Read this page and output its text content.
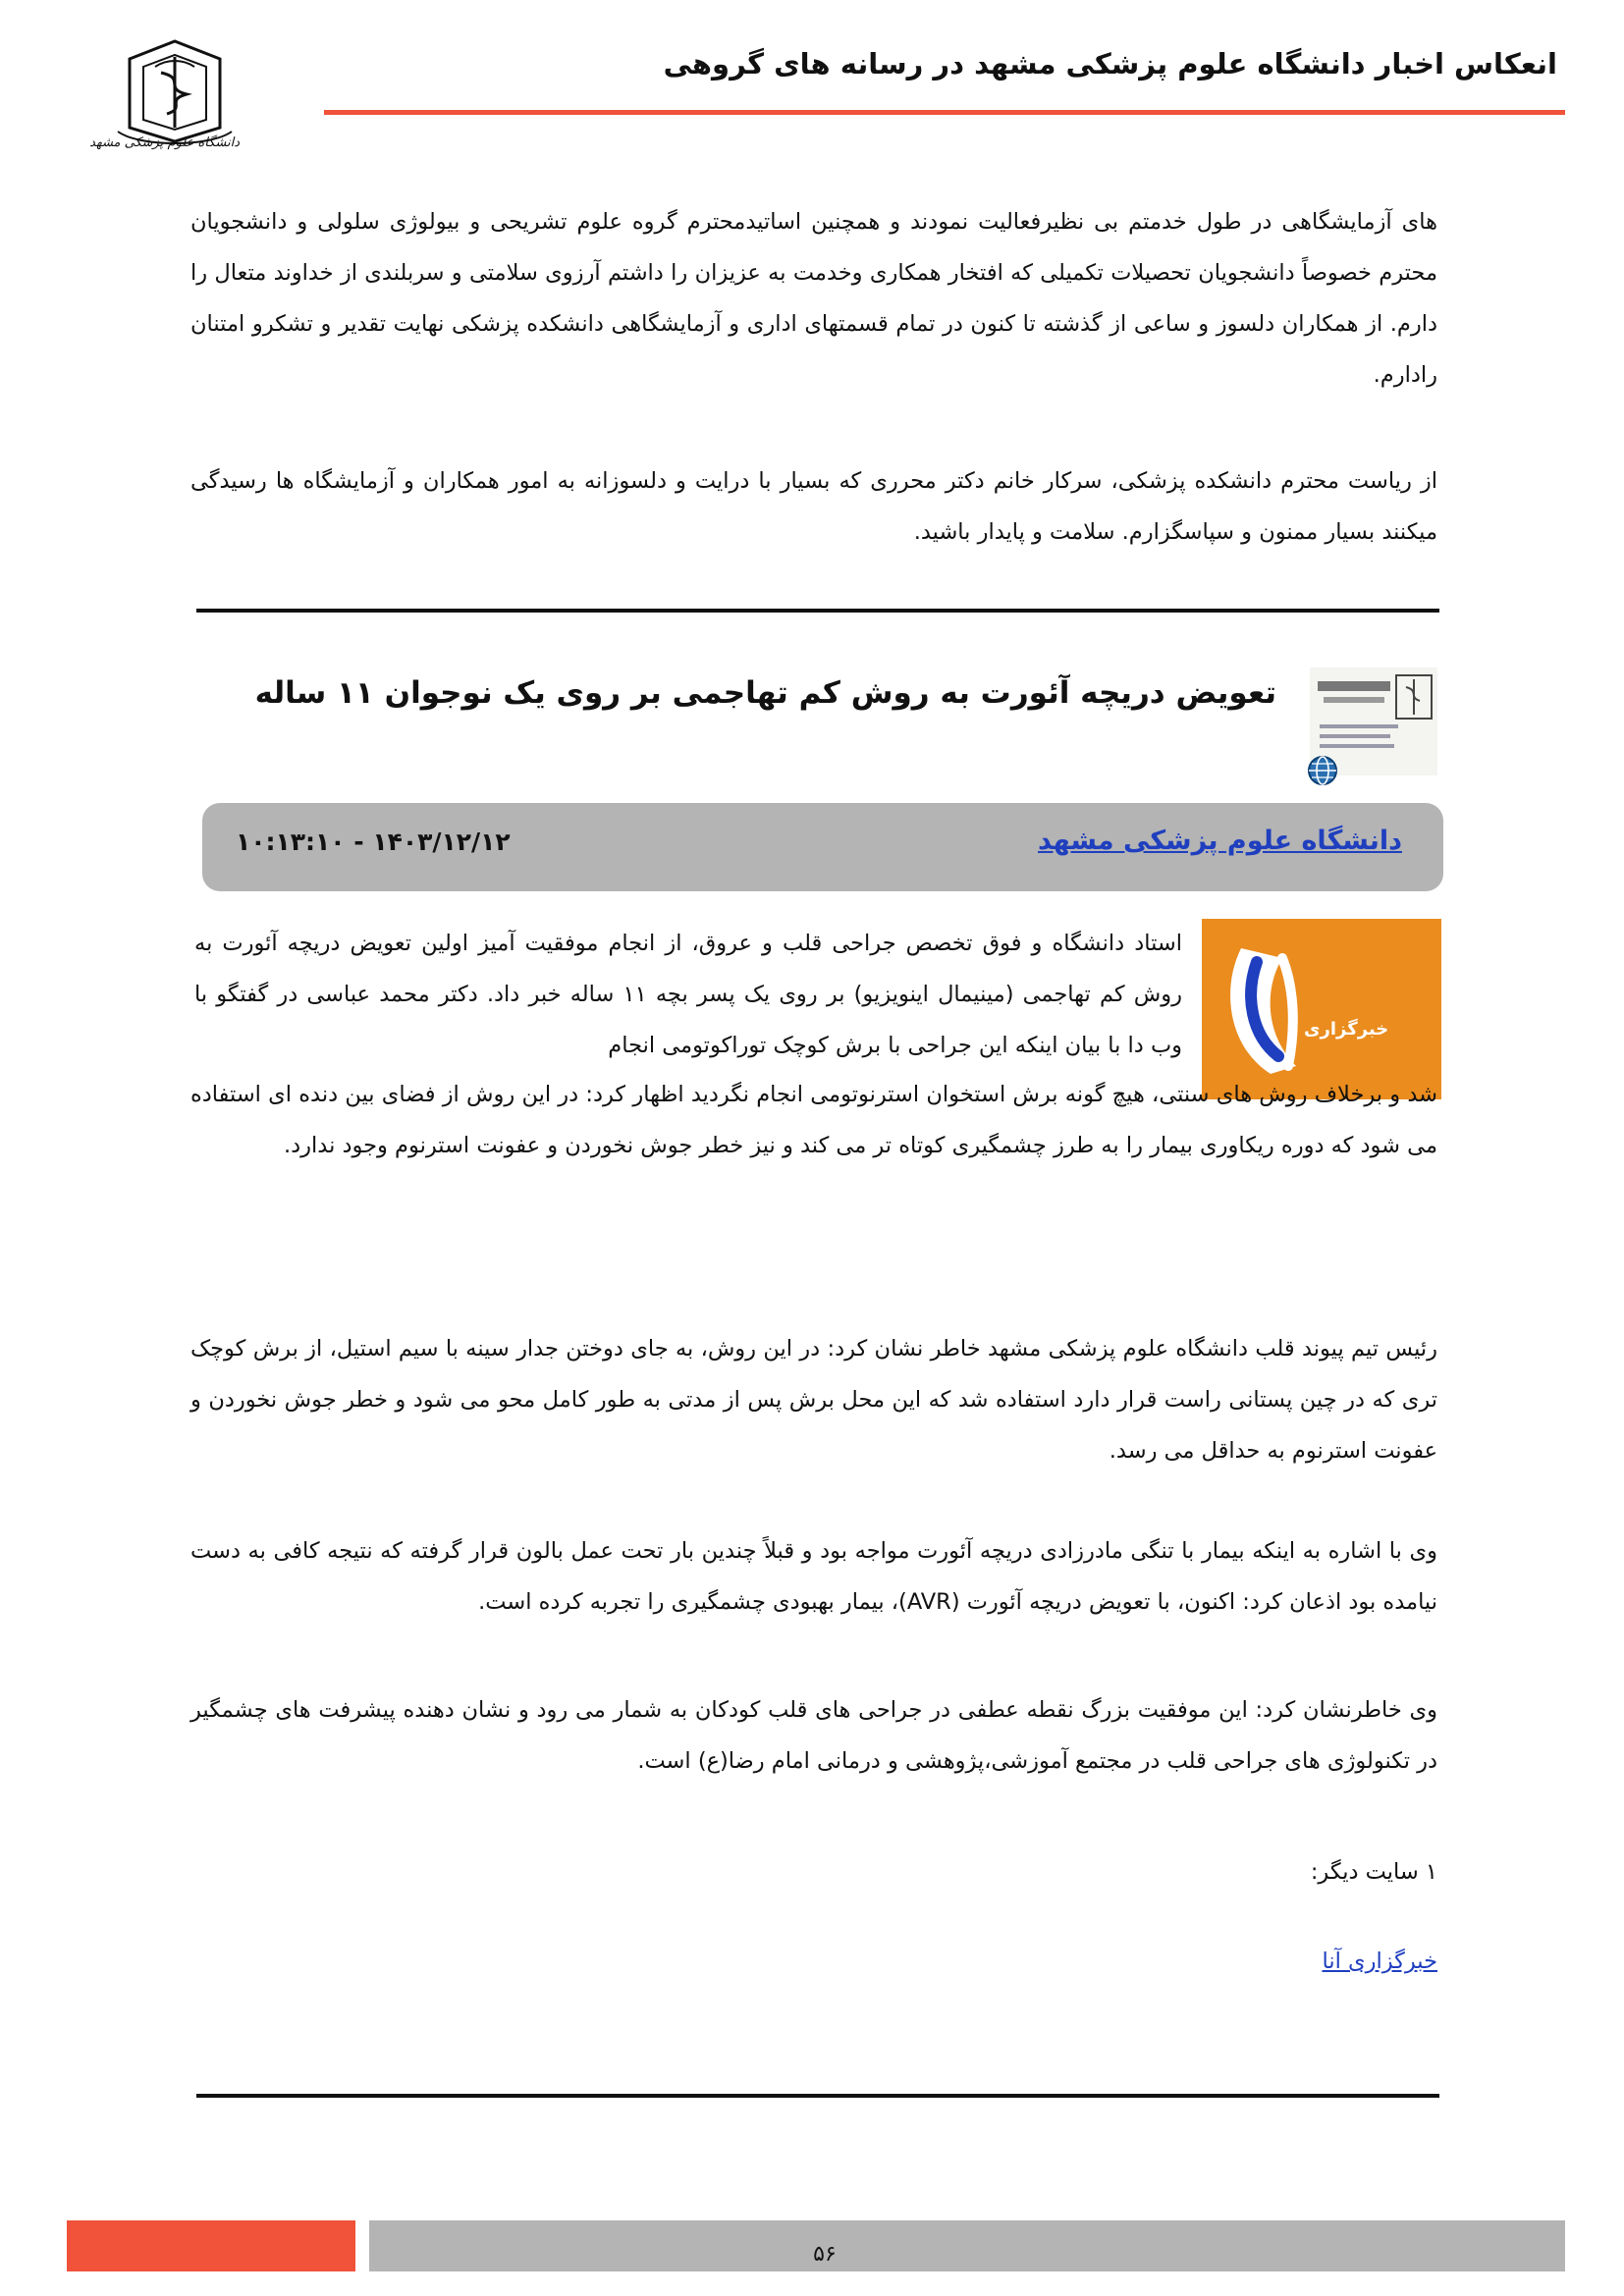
انعکاس اخبار دانشگاه علوم پزشکی مشهد در رسانه های گروهی
دانشگاه علوم پزشکی مشهد
های آزمایشگاهی در طول خدمتم بی نظیرفعالیت نمودند و همچنین اساتیدمحترم گروه علوم تشریحی و بیولوژی سلولی و دانشجویان محترم خصوصاً دانشجویان تحصیلات تکمیلی که افتخار همکاری وخدمت به عزیزان را داشتم آرزوی سلامتی و سربلندی از خداوند متعال را دارم. از همکاران دلسوز و ساعی از گذشته تا کنون در تمام قسمتهای اداری و آزمایشگاهی دانشکده پزشکی نهایت تقدیر و تشکرو امتنان رادارم.
از ریاست محترم دانشکده پزشکی، سرکار خانم دکتر محرری که بسیار با درایت و دلسوزانه به امور همکاران و آزمایشگاه ها رسیدگی میکنند بسیار ممنون و سپاسگزارم. سلامت و پایدار باشید.
تعویض دریچه آئورت به روش کم تهاجمی بر روی یک نوجوان ۱۱ ساله
دانشگاه علوم پزشکی مشهد
۱۴۰۳/۱۲/۱۲ - ۱۰:۱۳:۱۰
خبرگزاری
استاد دانشگاه و فوق تخصص جراحی قلب و عروق، از انجام موفقیت آمیز اولین تعویض دریچه آئورت به روش کم تهاجمی (مینیمال اینویزیو) بر روی یک پسر بچه ۱۱ ساله خبر داد. دکتر محمد عباسی در گفتگو با وب دا با بیان اینکه این جراحی با برش کوچک توراکوتومی انجام
شد و برخلاف روش های سنتی، هیچ گونه برش استخوان استرنوتومی انجام نگردید اظهار کرد: در این روش از فضای بین دنده ای استفاده می شود که دوره ریکاوری بیمار را به طرز چشمگیری کوتاه تر می کند و نیز خطر جوش نخوردن و عفونت استرنوم وجود ندارد.
رئیس تیم پیوند قلب دانشگاه علوم پزشکی مشهد خاطر نشان کرد: در این روش، به جای دوختن جدار سینه با سیم استیل، از برش کوچک تری که در چین پستانی راست قرار دارد استفاده شد که این محل برش پس از مدتی به طور کامل محو می شود و خطر جوش نخوردن و عفونت استرنوم به حداقل می رسد.
وی با اشاره به اینکه بیمار با تنگی مادرزادی دریچه آئورت مواجه بود و قبلاً چندین بار تحت عمل بالون قرار گرفته که نتیجه کافی به دست نیامده بود اذعان کرد: اکنون، با تعویض دریچه آئورت (AVR)، بیمار بهبودی چشمگیری را تجربه کرده است.
وی خاطرنشان کرد: این موفقیت بزرگ نقطه عطفی در جراحی های قلب کودکان به شمار می رود و نشان دهنده پیشرفت های چشمگیر در تکنولوژی های جراحی قلب در مجتمع آموزشی،پژوهشی و درمانی امام رضا(ع) است.
۱ سایت دیگر:
خبرگزاری آنا
۵۶
